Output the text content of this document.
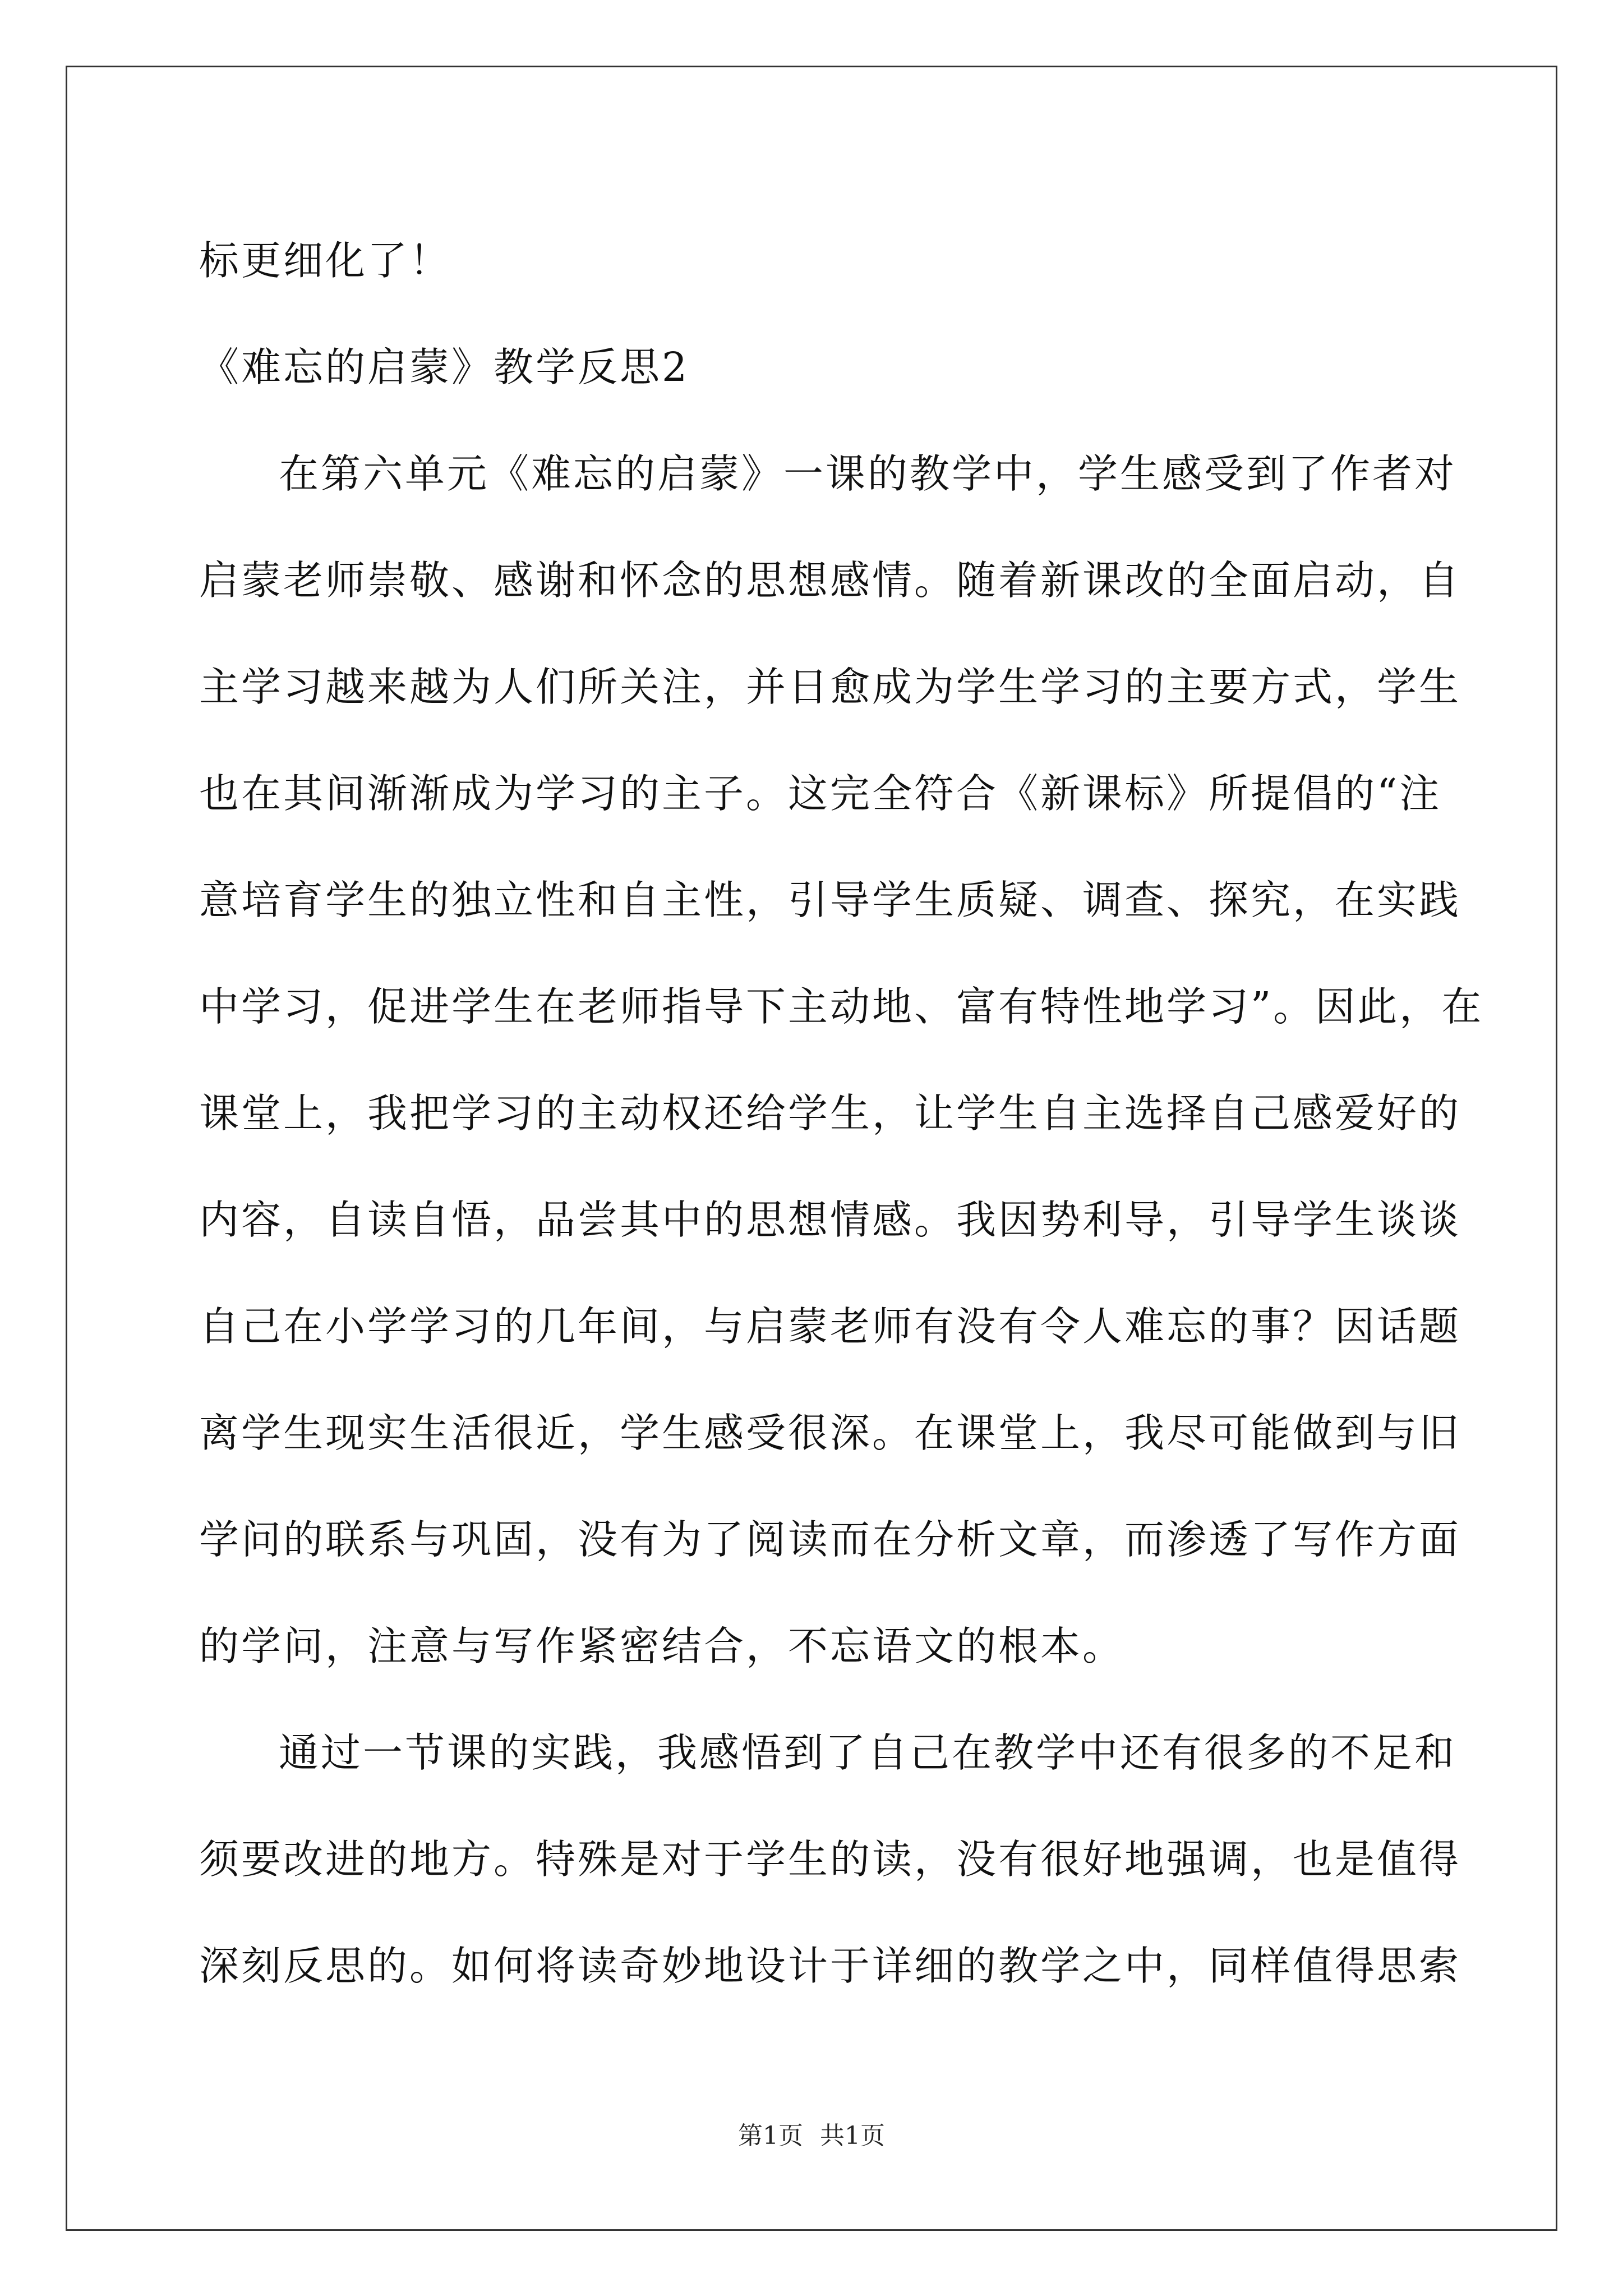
标更细化了！
《难忘的启蒙》教学反思2
在第六单元《难忘的启蒙》一课的教学中，学生感受到了作者对
启蒙老师崇敬、感谢和怀念的思想感情。随着新课改的全面启动，自
主学习越来越为人们所关注，并日愈成为学生学习的主要方式，学生
也在其间渐渐成为学习的主子。这完全符合《新课标》所提倡的“注
意培育学生的独立性和自主性，引导学生质疑、调查、探究，在实践
中学习，促进学生在老师指导下主动地、富有特性地学习”。因此，在
课堂上，我把学习的主动权还给学生，让学生自主选择自己感爱好的
内容，自读自悟，品尝其中的思想情感。我因势利导，引导学生谈谈
自己在小学学习的几年间，与启蒙老师有没有令人难忘的事？因话题
离学生现实生活很近，学生感受很深。在课堂上，我尽可能做到与旧
学问的联系与巩固，没有为了阅读而在分析文章，而渗透了写作方面
的学问，注意与写作紧密结合，不忘语文的根本。
通过一节课的实践，我感悟到了自己在教学中还有很多的不足和
须要改进的地方。特殊是对于学生的读，没有很好地强调，也是值得
深刻反思的。如何将读奇妙地设计于详细的教学之中，同样值得思索
第1页 共1页
